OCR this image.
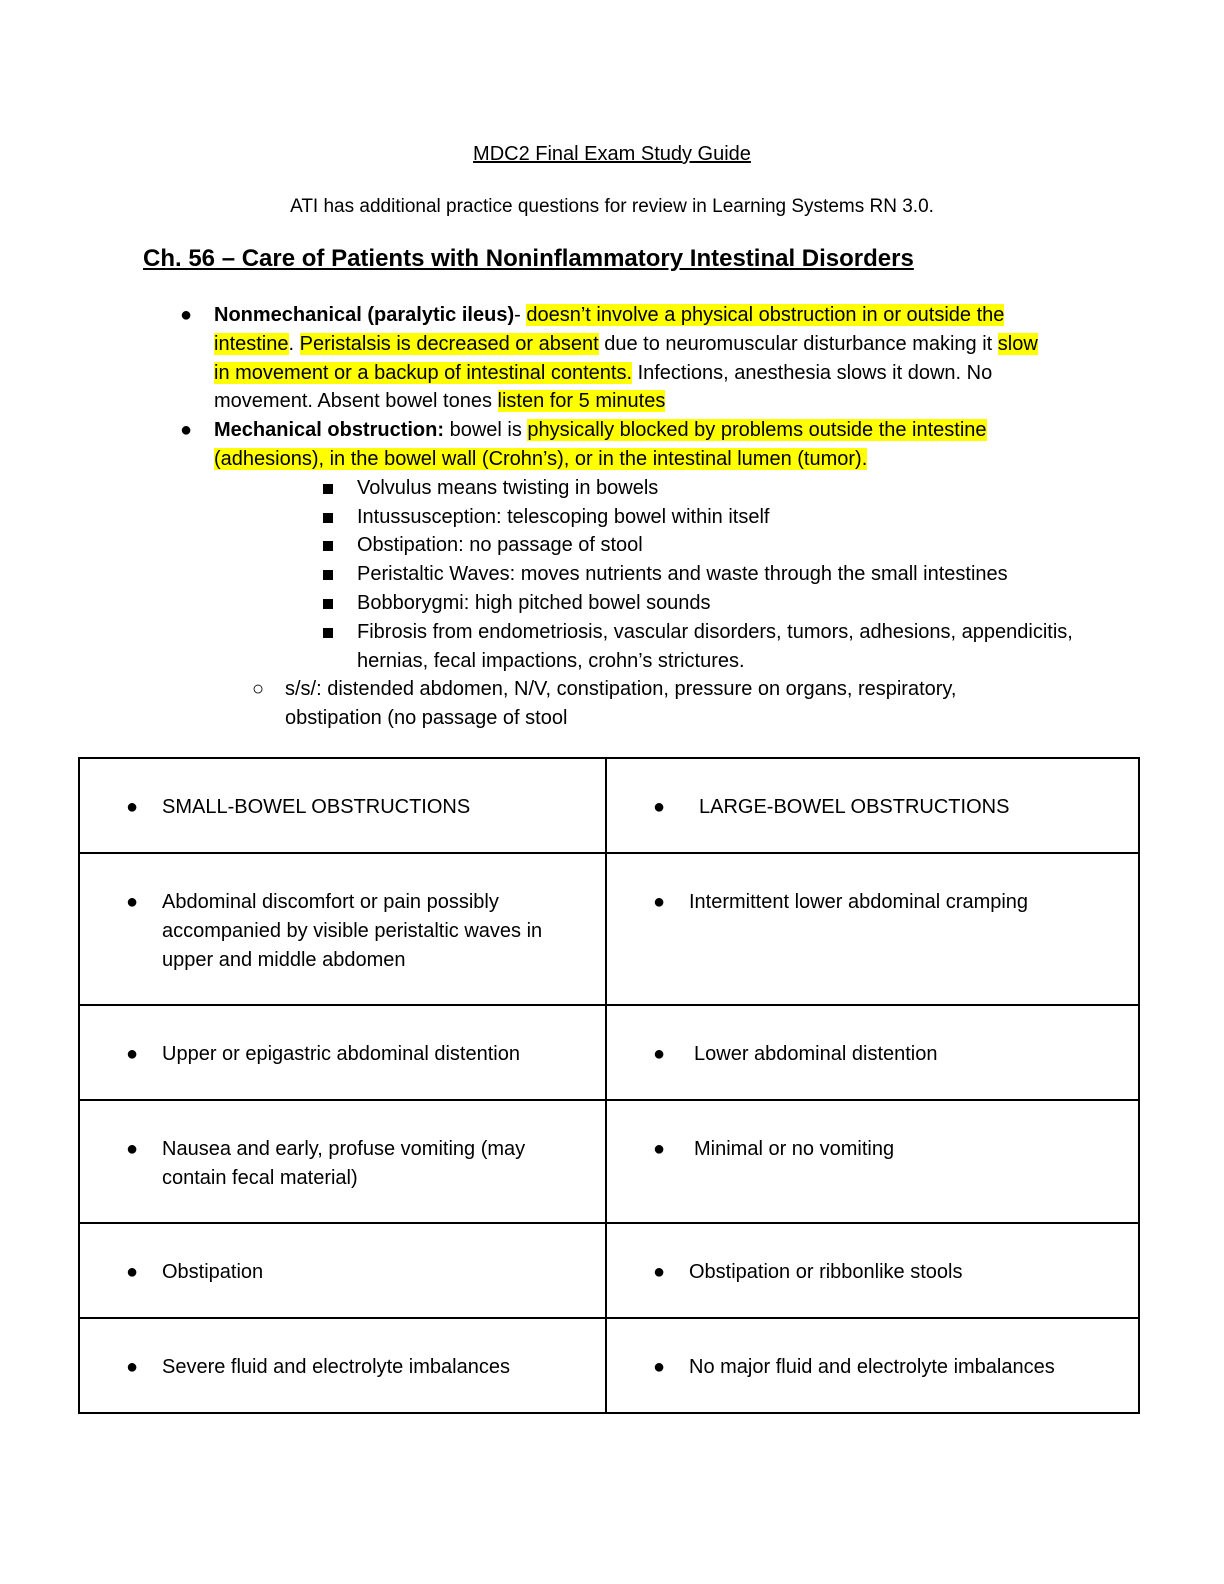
MDC2 Final Exam Study Guide
ATI has additional practice questions for review in Learning Systems RN 3.0.
Ch. 56 – Care of Patients with Noninflammatory Intestinal Disorders
● Nonmechanical (paralytic ileus)- doesn’t involve a physical obstruction in or outside the intestine. Peristalsis is decreased or absent due to neuromuscular disturbance making it slow in movement or a backup of intestinal contents. Infections, anesthesia slows it down. No movement. Absent bowel tones listen for 5 minutes
● Mechanical obstruction: bowel is physically blocked by problems outside the intestine (adhesions), in the bowel wall (Crohn’s), or in the intestinal lumen (tumor).
Volvulus means twisting in bowels
Intussusception: telescoping bowel within itself
Obstipation: no passage of stool
Peristaltic Waves: moves nutrients and waste through the small intestines
Bobborygmi: high pitched bowel sounds
Fibrosis from endometriosis, vascular disorders, tumors, adhesions, appendicitis, hernias, fecal impactions, crohn’s strictures.
○ s/s/: distended abdomen, N/V, constipation, pressure on organs, respiratory, obstipation (no passage of stool
● SMALL-BOWEL OBSTRUCTIONS	● LARGE-BOWEL OBSTRUCTIONS

● Abdominal discomfort or pain possibly accompanied by visible peristaltic waves in upper and middle abdomen	● Intermittent lower abdominal cramping

● Upper or epigastric abdominal distention	● Lower abdominal distention

● Nausea and early, profuse vomiting (may contain fecal material)	● Minimal or no vomiting

● Obstipation	● Obstipation or ribbonlike stools

● Severe fluid and electrolyte imbalances	● No major fluid and electrolyte imbalances
